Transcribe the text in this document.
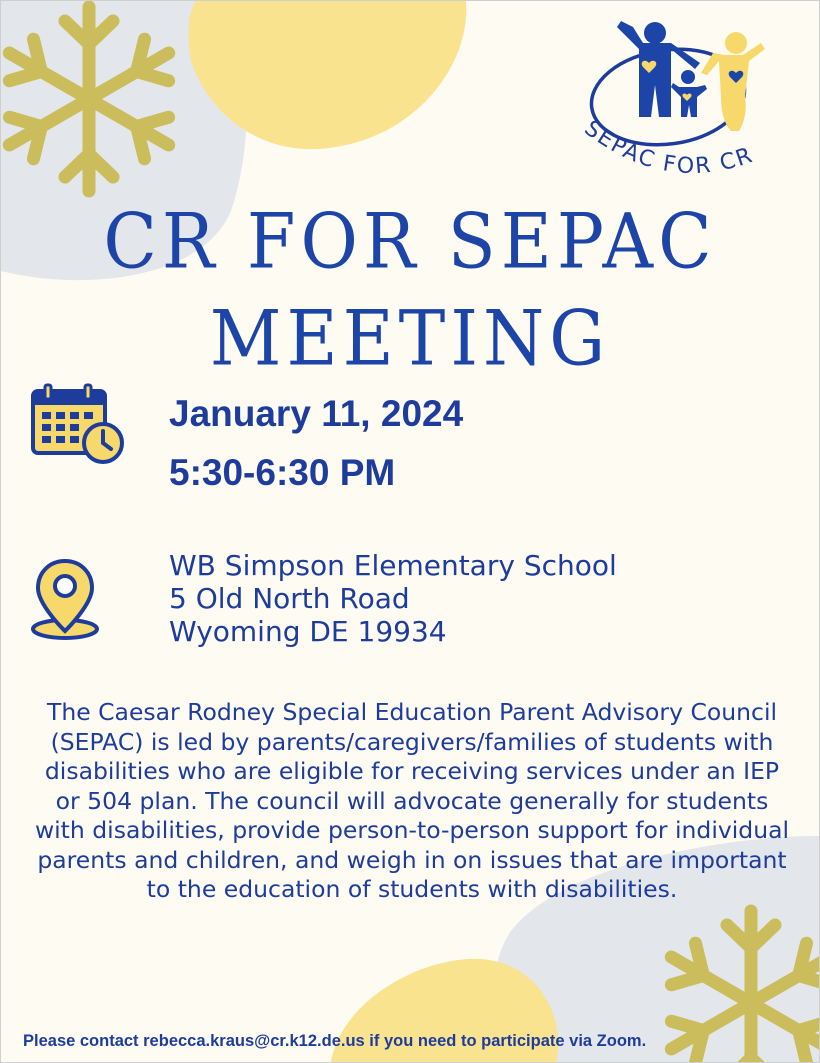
SEPAC FOR CR
CR FOR SEPAC
MEETING
January 11, 2024
5:30-6:30 PM
WB Simpson Elementary School
5 Old North Road
Wyoming DE 19934

The Caesar Rodney Special Education Parent Advisory Council (SEPAC) is led by parents/caregivers/families of students with disabilities who are eligible for receiving services under an IEP or 504 plan. The council will advocate generally for students with disabilities, provide person-to-person support for individual parents and children, and weigh in on issues that are important to the education of students with disabilities.

Please contact rebecca.kraus@cr.k12.de.us if you need to participate via Zoom.
